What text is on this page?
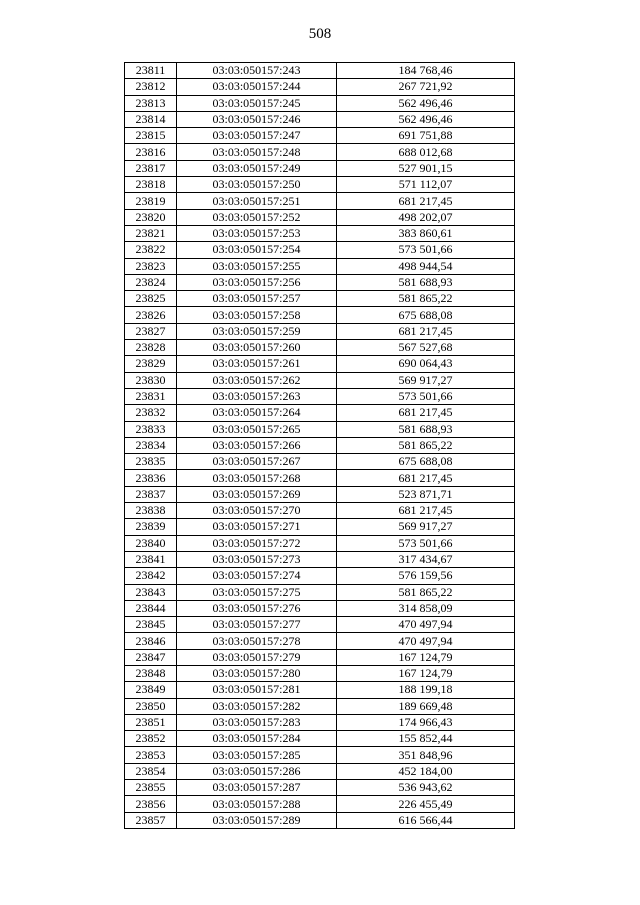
508
23811	03:03:050157:243	184 768,46
23812	03:03:050157:244	267 721,92
23813	03:03:050157:245	562 496,46
23814	03:03:050157:246	562 496,46
23815	03:03:050157:247	691 751,88
23816	03:03:050157:248	688 012,68
23817	03:03:050157:249	527 901,15
23818	03:03:050157:250	571 112,07
23819	03:03:050157:251	681 217,45
23820	03:03:050157:252	498 202,07
23821	03:03:050157:253	383 860,61
23822	03:03:050157:254	573 501,66
23823	03:03:050157:255	498 944,54
23824	03:03:050157:256	581 688,93
23825	03:03:050157:257	581 865,22
23826	03:03:050157:258	675 688,08
23827	03:03:050157:259	681 217,45
23828	03:03:050157:260	567 527,68
23829	03:03:050157:261	690 064,43
23830	03:03:050157:262	569 917,27
23831	03:03:050157:263	573 501,66
23832	03:03:050157:264	681 217,45
23833	03:03:050157:265	581 688,93
23834	03:03:050157:266	581 865,22
23835	03:03:050157:267	675 688,08
23836	03:03:050157:268	681 217,45
23837	03:03:050157:269	523 871,71
23838	03:03:050157:270	681 217,45
23839	03:03:050157:271	569 917,27
23840	03:03:050157:272	573 501,66
23841	03:03:050157:273	317 434,67
23842	03:03:050157:274	576 159,56
23843	03:03:050157:275	581 865,22
23844	03:03:050157:276	314 858,09
23845	03:03:050157:277	470 497,94
23846	03:03:050157:278	470 497,94
23847	03:03:050157:279	167 124,79
23848	03:03:050157:280	167 124,79
23849	03:03:050157:281	188 199,18
23850	03:03:050157:282	189 669,48
23851	03:03:050157:283	174 966,43
23852	03:03:050157:284	155 852,44
23853	03:03:050157:285	351 848,96
23854	03:03:050157:286	452 184,00
23855	03:03:050157:287	536 943,62
23856	03:03:050157:288	226 455,49
23857	03:03:050157:289	616 566,44
